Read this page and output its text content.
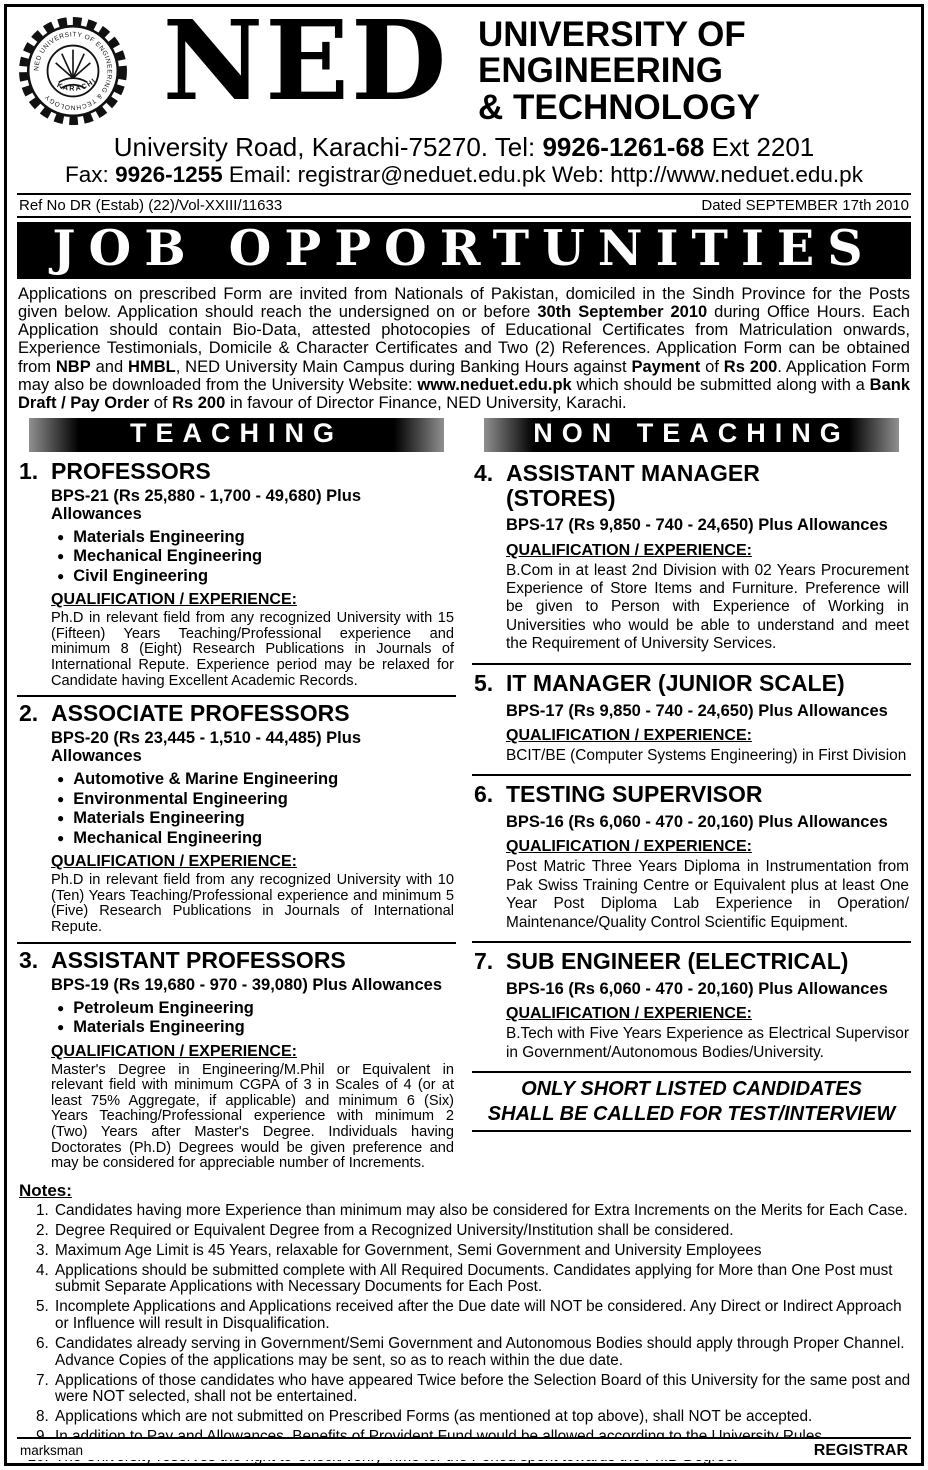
NED UNIVERSITY OF ENGINEERING & TECHNOLOGY
KARACHI NED UNIVERSITY OF
ENGINEERING
& TECHNOLOGY
University Road, Karachi-75270. Tel: 9926-1261-68 Ext 2201
Fax: 9926-1255 Email: registrar@neduet.edu.pk Web: http://www.neduet.edu.pk
Ref No DR (Estab) (22)/Vol-XXIII/11633	Dated SEPTEMBER 17th 2010
JOB OPPORTUNITIES

Applications on prescribed Form are invited from Nationals of Pakistan, domiciled in the Sindh Province for the Posts given below. Application should reach the undersigned on or before 30th September 2010 during Office Hours. Each Application should contain Bio-Data, attested photocopies of Educational Certificates from Matriculation onwards, Experience Testimonials, Domicile & Character Certificates and Two (2) References. Application Form can be obtained from NBP and HMBL, NED University Main Campus during Banking Hours against Payment of Rs 200. Application Form may also be downloaded from the University Website: www.neduet.edu.pk which should be submitted along with a Bank Draft / Pay Order of Rs 200 in favour of Director Finance, NED University, Karachi.

TEACHING
1. PROFESSORS
BPS-21 (Rs 25,880 - 1,700 - 49,680) Plus Allowances
● Materials Engineering
● Mechanical Engineering
● Civil Engineering
QUALIFICATION / EXPERIENCE:
Ph.D in relevant field from any recognized University with 15 (Fifteen) Years Teaching/Professional experience and minimum 8 (Eight) Research Publications in Journals of International Repute. Experience period may be relaxed for Candidate having Excellent Academic Records.
2. ASSOCIATE PROFESSORS
BPS-20 (Rs 23,445 - 1,510 - 44,485) Plus Allowances
● Automotive & Marine Engineering
● Environmental Engineering
● Materials Engineering
● Mechanical Engineering
QUALIFICATION / EXPERIENCE:
Ph.D in relevant field from any recognized University with 10 (Ten) Years Teaching/Professional experience and minimum 5 (Five) Research Publications in Journals of International Repute.
3. ASSISTANT PROFESSORS
BPS-19 (Rs 19,680 - 970 - 39,080) Plus Allowances
● Petroleum Engineering
● Materials Engineering
QUALIFICATION / EXPERIENCE:
Master's Degree in Engineering/M.Phil or Equivalent in relevant field with minimum CGPA of 3 in Scales of 4 (or at least 75% Aggregate, if applicable) and minimum 6 (Six) Years Teaching/Professional experience with minimum 2 (Two) Years after Master's Degree. Individuals having Doctorates (Ph.D) Degrees would be given preference and may be considered for appreciable number of Increments.
NON TEACHING
4. ASSISTANT MANAGER
(STORES)
BPS-17 (Rs 9,850 - 740 - 24,650) Plus Allowances
QUALIFICATION / EXPERIENCE:
B.Com in at least 2nd Division with 02 Years Procurement Experience of Store Items and Furniture. Preference will be given to Person with Experience of Working in Universities who would be able to understand and meet the Requirement of University Services.
5. IT MANAGER (JUNIOR SCALE)
BPS-17 (Rs 9,850 - 740 - 24,650) Plus Allowances
QUALIFICATION / EXPERIENCE:
BCIT/BE (Computer Systems Engineering) in First Division
6. TESTING SUPERVISOR
BPS-16 (Rs 6,060 - 470 - 20,160) Plus Allowances
QUALIFICATION / EXPERIENCE:
Post Matric Three Years Diploma in Instrumentation from Pak Swiss Training Centre or Equivalent plus at least One Year Post Diploma Lab Experience in Operation/ Maintenance/Quality Control Scientific Equipment.
7. SUB ENGINEER (ELECTRICAL)
BPS-16 (Rs 6,060 - 470 - 20,160) Plus Allowances
QUALIFICATION / EXPERIENCE:
B.Tech with Five Years Experience as Electrical Supervisor in Government/Autonomous Bodies/University.
ONLY SHORT LISTED CANDIDATES
SHALL BE CALLED FOR TEST/INTERVIEW
Notes:
1. Candidates having more Experience than minimum may also be considered for Extra Increments on the Merits for Each Case.
2. Degree Required or Equivalent Degree from a Recognized University/Institution shall be considered.
3. Maximum Age Limit is 45 Years, relaxable for Government, Semi Government and University Employees
4. Applications should be submitted complete with All Required Documents. Candidates applying for More than One Post must submit Separate Applications with Necessary Documents for Each Post.
5. Incomplete Applications and Applications received after the Due date will NOT be considered. Any Direct or Indirect Approach or Influence will result in Disqualification.
6. Candidates already serving in Government/Semi Government and Autonomous Bodies should apply through Proper Channel. Advance Copies of the applications may be sent, so as to reach within the due date.
7. Applications of those candidates who have appeared Twice before the Selection Board of this University for the same post and were NOT selected, shall not be entertained.
8. Applications which are not submitted on Prescribed Forms (as mentioned at top above), shall NOT be accepted.
9.
10.
marksman	REGISTRAR
